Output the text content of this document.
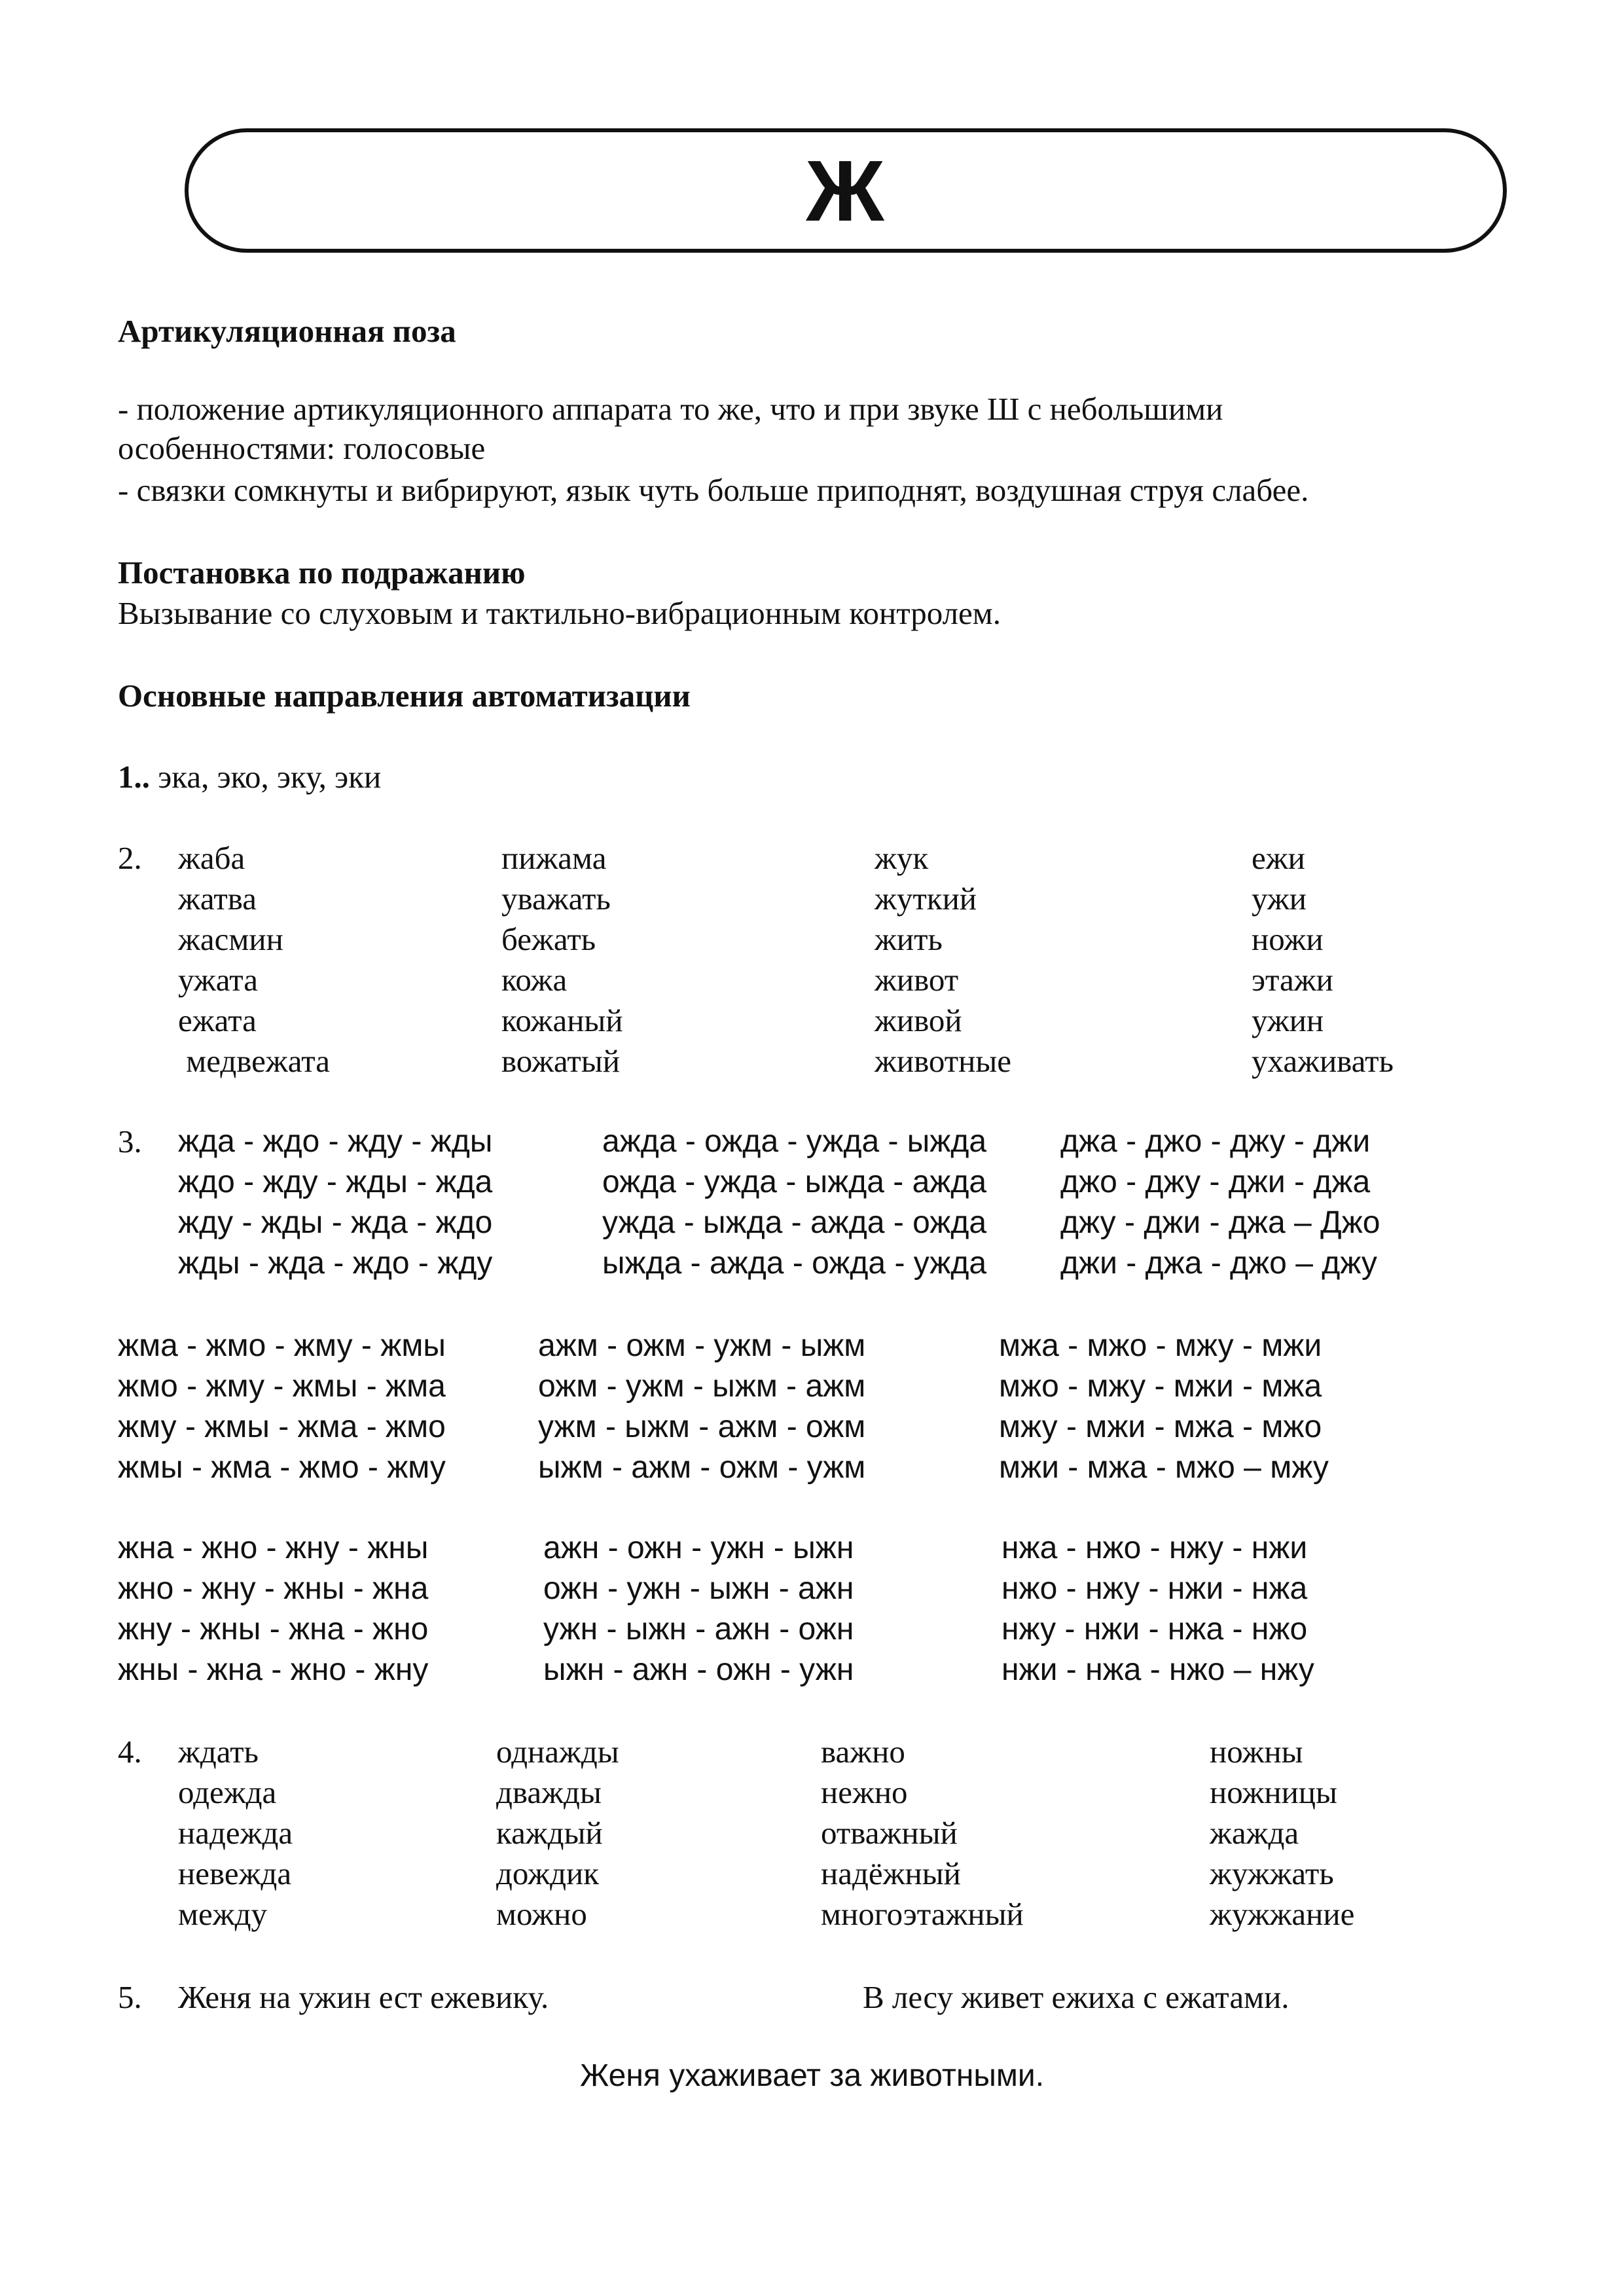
Ж
Артикуляционная поза
- положение артикуляционного аппарата то же, что и при звуке Ш с небольшими
особенностями: голосовые
- связки сомкнуты и вибрируют, язык чуть больше приподнят, воздушная струя слабее.
Постановка по подражанию
Вызывание со слуховым и тактильно-вибрационным контролем.
Основные направления автоматизации
1.. эка, эко, эку, эки
2. жаба
жатва
жасмин
ужата
ежата
медвежата
пижама
уважать
бежать
кожа
кожаный
вожатый
жук
жуткий
жить
живот
живой
животные
ежи
ужи
ножи
этажи
ужин
ухаживать
3. жда - ждо - жду - жды
ждо - жду - жды - жда
жду - жды - жда - ждо
жды - жда - ждо - жду
ажда - ожда - ужда - ыжда
ожда - ужда - ыжда - ажда
ужда - ыжда - ажда - ожда
ыжда - ажда - ожда - ужда
джа - джо - джу - джи
джо - джу - джи - джа
джу - джи - джа – Джо
джи - джа - джо – джу
жма - жмо - жму - жмы
жмо - жму - жмы - жма
жму - жмы - жма - жмо
жмы - жма - жмо - жму
ажм - ожм - ужм - ыжм
ожм - ужм - ыжм - ажм
ужм - ыжм - ажм - ожм
ыжм - ажм - ожм - ужм
мжа - мжо - мжу - мжи
мжо - мжу - мжи - мжа
мжу - мжи - мжа - мжо
мжи - мжа - мжо – мжу
жна - жно - жну - жны
жно - жну - жны - жна
жну - жны - жна - жно
жны - жна - жно - жну
ажн - ожн - ужн - ыжн
ожн - ужн - ыжн - ажн
ужн - ыжн - ажн - ожн
ыжн - ажн - ожн - ужн
нжа - нжо - нжу - нжи
нжо - нжу - нжи - нжа
нжу - нжи - нжа - нжо
нжи - нжа - нжо – нжу
4. ждать
одежда
надежда
невежда
между
однажды
дважды
каждый
дождик
можно
важно
нежно
отважный
надёжный
многоэтажный
ножны
ножницы
жажда
жужжать
жужжание
5. Женя на ужин ест ежевику.	В лесу живет ежиха с ежатами.
Женя ухаживает за животными.
